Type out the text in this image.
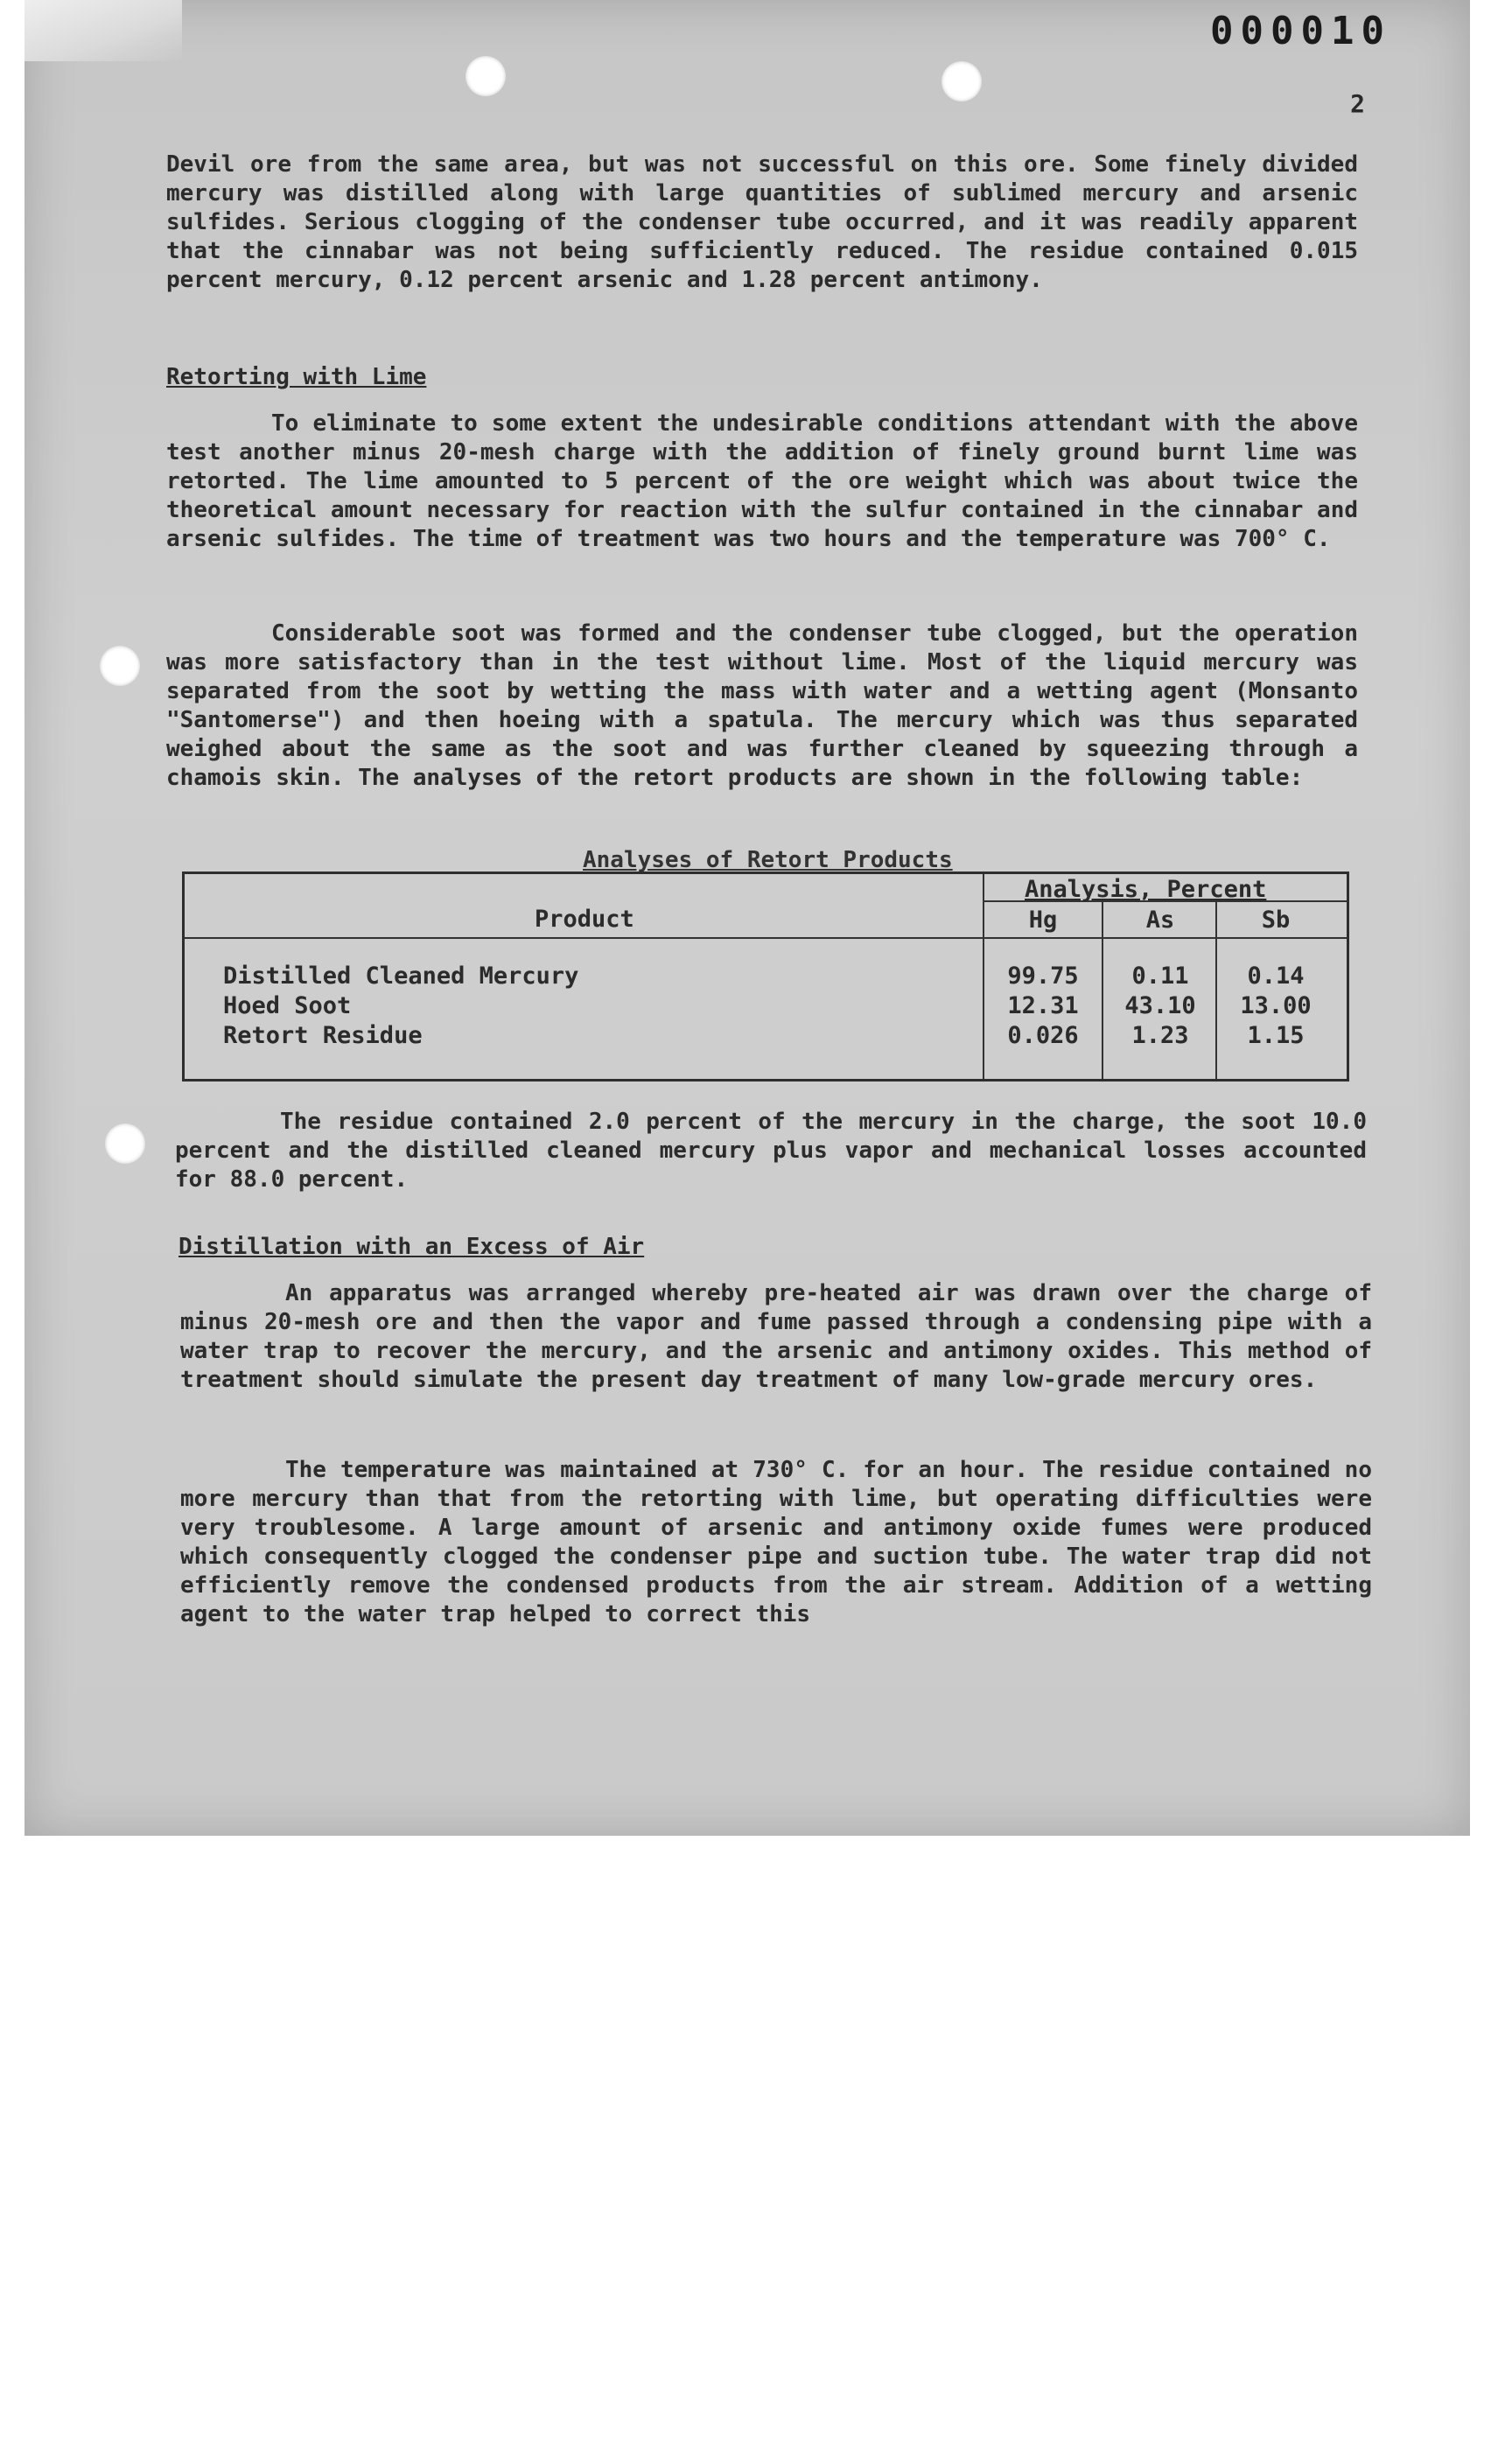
000010
2

Devil ore from the same area, but was not successful on this ore. Some finely divided mercury was distilled along with large quantities of sublimed mercury and arsenic sulfides. Serious clogging of the condenser tube occurred, and it was readily apparent that the cinnabar was not being sufficiently reduced. The residue contained 0.015 percent mercury, 0.12 percent arsenic and 1.28 percent antimony.

Retorting with Lime

To eliminate to some extent the undesirable conditions attendant with the above test another minus 20-mesh charge with the addition of finely ground burnt lime was retorted. The lime amounted to 5 percent of the ore weight which was about twice the theoretical amount necessary for reaction with the sulfur contained in the cinnabar and arsenic sulfides. The time of treatment was two hours and the temperature was 700° C.

Considerable soot was formed and the condenser tube clogged, but the operation was more satisfactory than in the test without lime. Most of the liquid mercury was separated from the soot by wetting the mass with water and a wetting agent (Monsanto "Santomerse") and then hoeing with a spatula. The mercury which was thus separated weighed about the same as the soot and was further cleaned by squeezing through a chamois skin. The analyses of the retort products are shown in the following table:

Analyses of Retort Products
Product
Analysis, Percent
Hg	As	Sb
Distilled Cleaned Mercury	99.75	0.11	0.14
Hoed Soot	12.31	43.10	13.00
Retort Residue	0.026	1.23	1.15

The residue contained 2.0 percent of the mercury in the charge, the soot 10.0 percent and the distilled cleaned mercury plus vapor and mechanical losses accounted for 88.0 percent.

Distillation with an Excess of Air

An apparatus was arranged whereby pre-heated air was drawn over the charge of minus 20-mesh ore and then the vapor and fume passed through a condensing pipe with a water trap to recover the mercury, and the arsenic and antimony oxides. This method of treatment should simulate the present day treatment of many low-grade mercury ores.

The temperature was maintained at 730° C. for an hour. The residue contained no more mercury than that from the retorting with lime, but operating difficulties were very troublesome. A large amount of arsenic and antimony oxide fumes were produced which consequently clogged the condenser pipe and suction tube. The water trap did not efficiently remove the condensed products from the air stream. Addition of a wetting agent to the water trap helped to correct this
